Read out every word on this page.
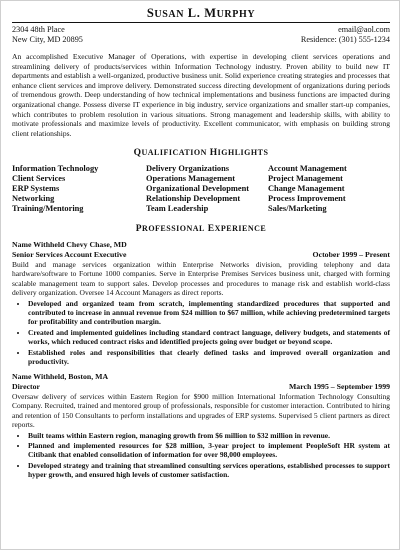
SUSAN L. MURPHY
2304 48th Place
New City, MD 20895
email@aol.com
Residence: (301) 555-1234

An accomplished Executive Manager of Operations, with expertise in developing client services operations and streamlining delivery of products/services within Information Technology industry. Proven ability to build new IT departments and establish a well-organized, productive business unit. Solid experience creating strategies and processes that enhance client services and improve delivery. Demonstrated success directing development of organizations during periods of tremendous growth. Deep understanding of how technical implementations and business functions are impacted during organizational change. Possess diverse IT experience in big industry, service organizations and smaller start-up companies, which contributes to problem resolution in various situations. Strong management and leadership skills, with ability to motivate professionals and maximize levels of productivity. Excellent communicator, with emphasis on building strong client relationships.

QUALIFICATION HIGHLIGHTS
Information Technology	Delivery Organizations	Account Management
Client Services	Operations Management	Project Management
ERP Systems	Organizational Development	Change Management
Networking	Relationship Development	Process Improvement
Training/Mentoring	Team Leadership	Sales/Marketing
PROFESSIONAL EXPERIENCE
Name Withheld Chevy Chase, MD
Senior Services Account Executive	October 1999 – Present
Build and manage services organization within Enterprise Networks division, providing telephony and data hardware/software to Fortune 1000 companies. Serve in Enterprise Premises Services business unit, charged with forming scalable management team to support sales. Develop processes and procedures to manage risk and establish world-class delivery organization. Oversee 14 Account Managers as direct reports.
• Developed and organized team from scratch, implementing standardized procedures that supported and contributed to increase in annual revenue from $24 million to $67 million, while achieving predetermined targets for profitability and contribution margin.
• Created and implemented guidelines including standard contract language, delivery budgets, and statements of works, which reduced contract risks and identified projects going over budget or beyond scope.
• Established roles and responsibilities that clearly defined tasks and improved overall organization and productivity.
Name Withheld, Boston, MA
Director	March 1995 – September 1999
Oversaw delivery of services within Eastern Region for $900 million International Information Technology Consulting Company. Recruited, trained and mentored group of professionals, responsible for customer interaction. Contributed to hiring and retention of 150 Consultants to perform installations and upgrades of ERP systems. Supervised 5 client partners as direct reports.
• Built teams within Eastern region, managing growth from $6 million to $32 million in revenue.
• Planned and implemented resources for $28 million, 3-year project to implement PeopleSoft HR system at Citibank that enabled consolidation of information for over 98,000 employees.
• Developed strategy and training that streamlined consulting services operations, established processes to support hyper growth, and ensured high levels of customer satisfaction.
